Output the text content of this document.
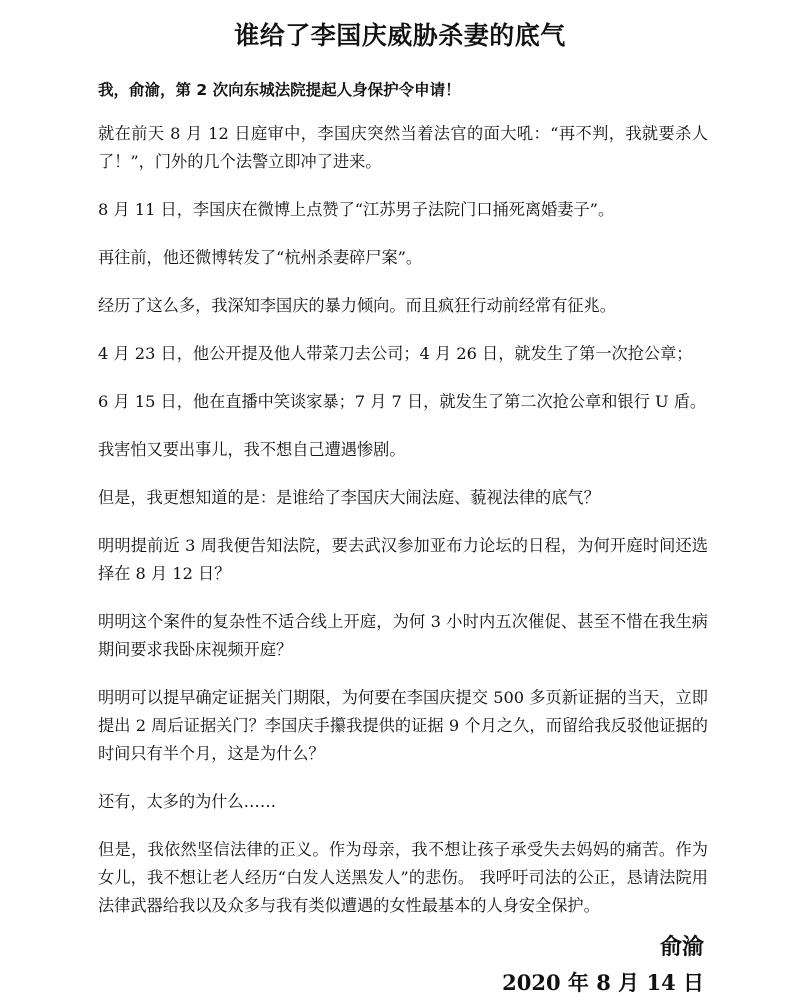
谁给了李国庆威胁杀妻的底气

我，俞渝，第 2 次向东城法院提起人身保护令申请！

就在前天 8 月 12 日庭审中，李国庆突然当着法官的面大吼：“再不判，我就要杀人了！”，门外的几个法警立即冲了进来。

8 月 11 日，李国庆在微博上点赞了“江苏男子法院门口捅死离婚妻子”。

再往前，他还微博转发了“杭州杀妻碎尸案”。

经历了这么多，我深知李国庆的暴力倾向。而且疯狂行动前经常有征兆。

4 月 23 日，他公开提及他人带菜刀去公司；4 月 26 日，就发生了第一次抢公章；

6 月 15 日，他在直播中笑谈家暴；7 月 7 日，就发生了第二次抢公章和银行 U 盾。

我害怕又要出事儿，我不想自己遭遇惨剧。

但是，我更想知道的是：是谁给了李国庆大闹法庭、藐视法律的底气？

明明提前近 3 周我便告知法院，要去武汉参加亚布力论坛的日程，为何开庭时间还选择在 8 月 12 日？

明明这个案件的复杂性不适合线上开庭，为何 3 小时内五次催促、甚至不惜在我生病期间要求我卧床视频开庭？

明明可以提早确定证据关门期限，为何要在李国庆提交 500 多页新证据的当天，立即提出 2 周后证据关门？李国庆手攥我提供的证据 9 个月之久，而留给我反驳他证据的时间只有半个月，这是为什么？

还有，太多的为什么……

但是，我依然坚信法律的正义。作为母亲，我不想让孩子承受失去妈妈的痛苦。作为女儿，我不想让老人经历“白发人送黑发人”的悲伤。 我呼吁司法的公正，恳请法院用法律武器给我以及众多与我有类似遭遇的女性最基本的人身安全保护。

俞渝

2020 年 8 月 14 日
